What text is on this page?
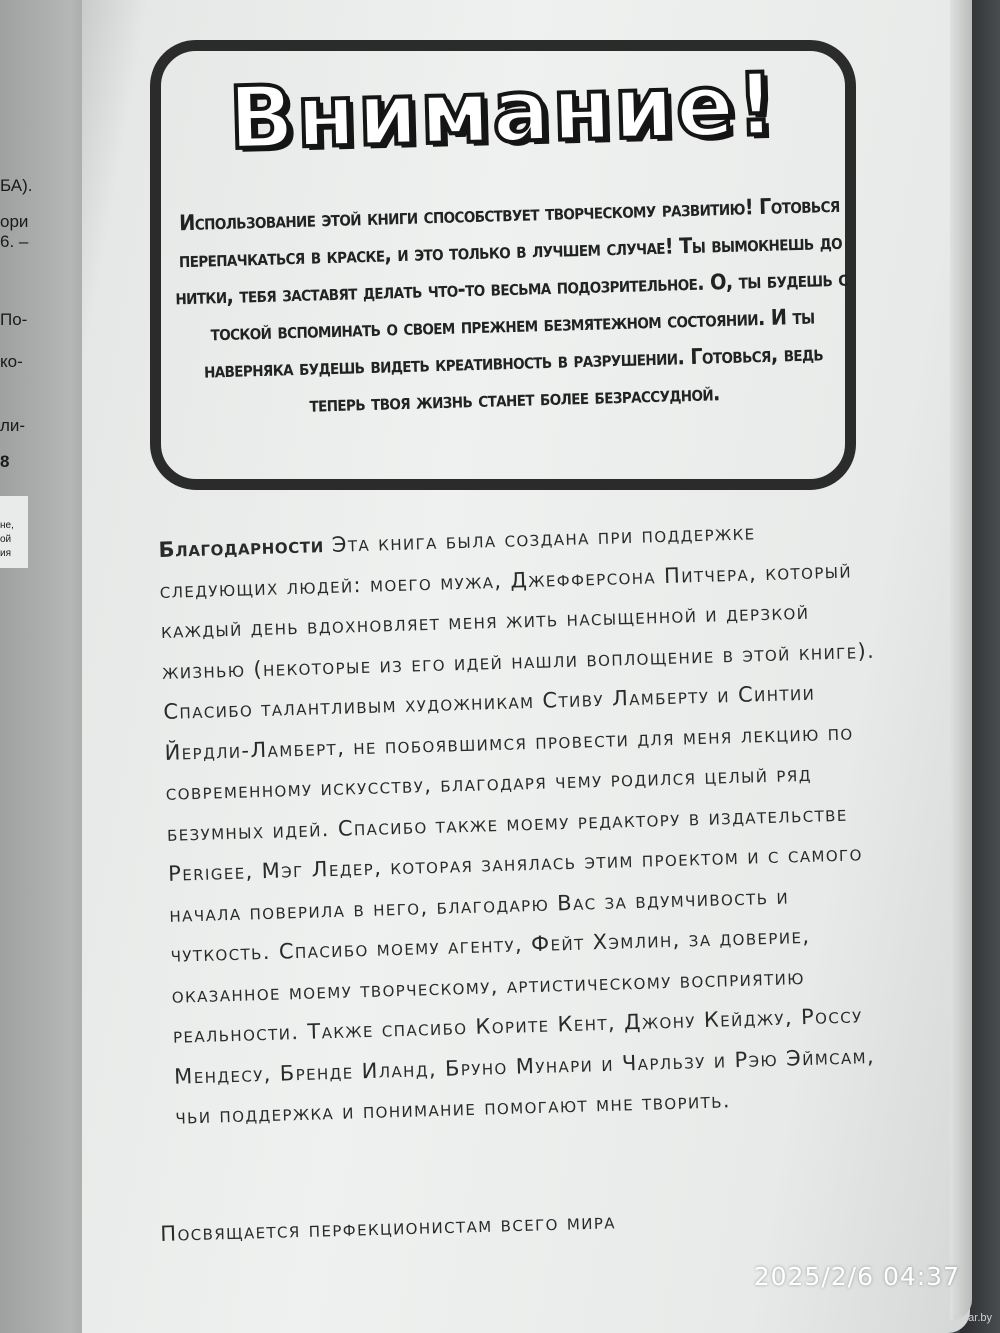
БА).
ори
6. –
По-
ко-
ли-
8
не,
ой
ия
Внимание!
Использование этой книги способствует творческому развитию! Готовься перепачкаться в краске, и это только в лучшем случае! Ты вымокнешь до нитки, тебя заставят делать что-то весьма подозрительное. О, ты будешь с тоской вспоминать о своем прежнем безмятежном состоянии. И ты наверняка будешь видеть креативность в разрушении. Готовься, ведь теперь твоя жизнь станет более безрассудной.
Благодарности Эта книга была создана при поддержке следующих людей: моего мужа, Джефферсона Питчера, который каждый день вдохновляет меня жить насыщенной и дерзкой жизнью (некоторые из его идей нашли воплощение в этой книге). Спасибо талантливым художникам Стиву Ламберту и Синтии Йердли-Ламберт, не побоявшимся провести для меня лекцию по современному искусству, благодаря чему родился целый ряд безумных идей. Спасибо также моему редактору в издательстве Perigee, Мэг Ледер, которая занялась этим проектом и с самого начала поверила в него, благодарю Вас за вдумчивость и чуткость. Спасибо моему агенту, Фейт Хэмлин, за доверие, оказанное моему творческому, артистическому восприятию реальности. Также спасибо Корите Кент, Джону Кейджу, Россу Мендесу, Бренде Иланд, Бруно Мунари и Чарльзу и Рэю Эймсам, чьи поддержка и понимание помогают мне творить.
Посвящается перфекционистам всего мира
2025/2/6 04:37
kufar.by
